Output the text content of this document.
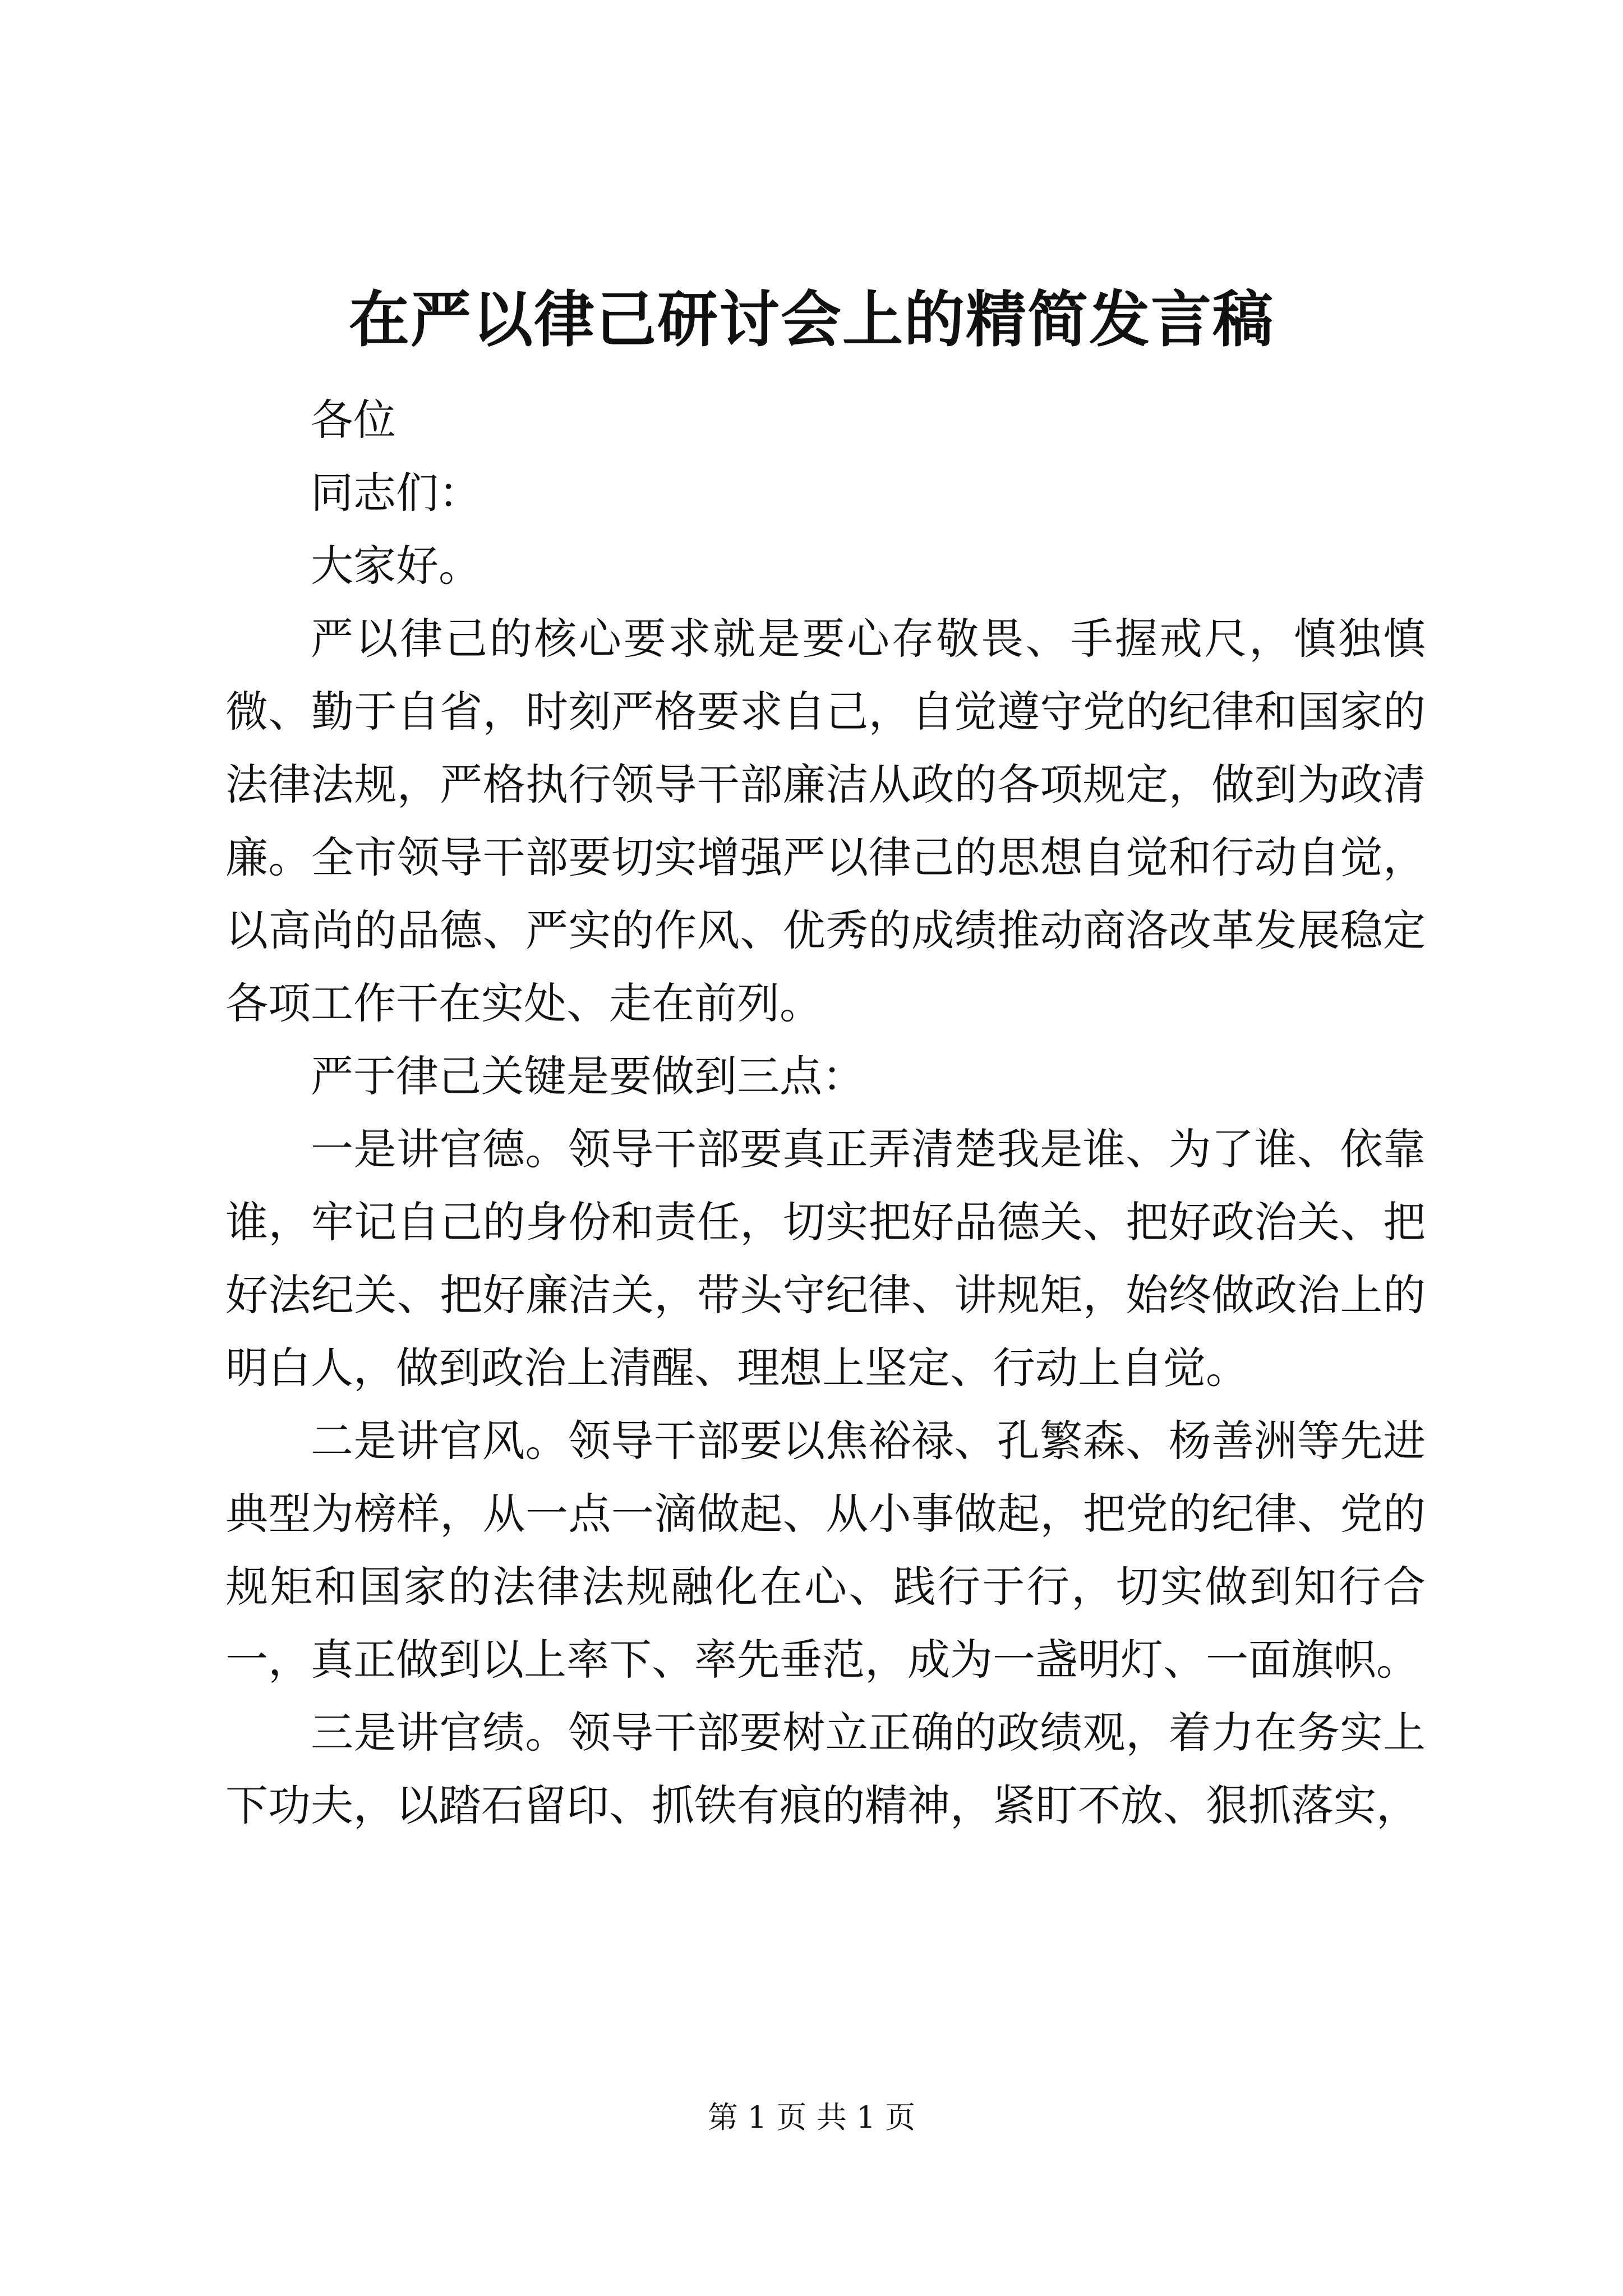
在严以律己研讨会上的精简发言稿

各位

同志们：

大家好。

严以律己的核心要求就是要心存敬畏、手握戒尺，慎独慎微、勤于自省，时刻严格要求自己，自觉遵守党的纪律和国家的法律法规，严格执行领导干部廉洁从政的各项规定，做到为政清廉。全市领导干部要切实增强严以律己的思想自觉和行动自觉，以高尚的品德、严实的作风、优秀的成绩推动商洛改革发展稳定各项工作干在实处、走在前列。

严于律己关键是要做到三点：

一是讲官德。领导干部要真正弄清楚我是谁、为了谁、依靠谁，牢记自己的身份和责任，切实把好品德关、把好政治关、把好法纪关、把好廉洁关，带头守纪律、讲规矩，始终做政治上的明白人，做到政治上清醒、理想上坚定、行动上自觉。

二是讲官风。领导干部要以焦裕禄、孔繁森、杨善洲等先进典型为榜样，从一点一滴做起、从小事做起，把党的纪律、党的规矩和国家的法律法规融化在心、践行于行，切实做到知行合一，真正做到以上率下、率先垂范，成为一盏明灯、一面旗帜。

三是讲官绩。领导干部要树立正确的政绩观，着力在务实上下功夫，以踏石留印、抓铁有痕的精神，紧盯不放、狠抓落实，

第 1 页 共 1 页
